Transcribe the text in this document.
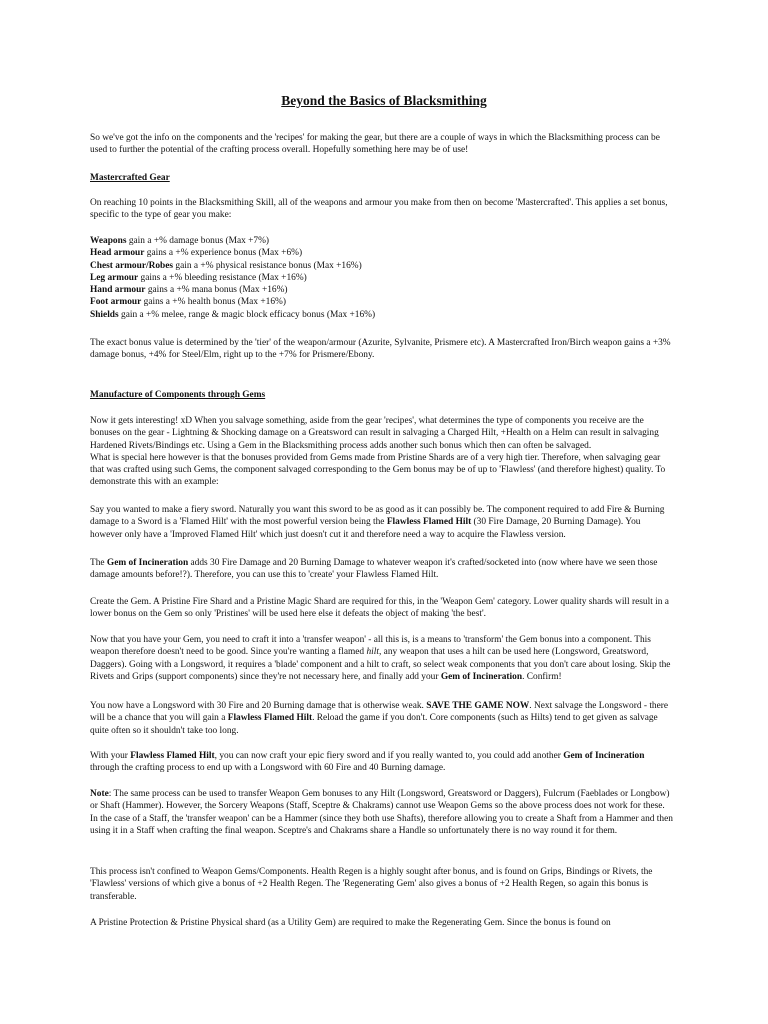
Beyond the Basics of Blacksmithing

So we've got the info on the components and the 'recipes' for making the gear, but there are a couple of ways in which the Blacksmithing process can be
used to further the potential of the crafting process overall. Hopefully something here may be of use!

Mastercrafted Gear

On reaching 10 points in the Blacksmithing Skill, all of the weapons and armour you make from then on become 'Mastercrafted'. This applies a set bonus,
specific to the type of gear you make:

Weapons gain a +% damage bonus (Max +7%)
Head armour gains a +% experience bonus (Max +6%)
Chest armour/Robes gain a +% physical resistance bonus (Max +16%)
Leg armour gains a +% bleeding resistance (Max +16%)
Hand armour gains a +% mana bonus (Max +16%)
Foot armour gains a +% health bonus (Max +16%)
Shields gain a +% melee, range & magic block efficacy bonus (Max +16%)

The exact bonus value is determined by the 'tier' of the weapon/armour (Azurite, Sylvanite, Prismere etc). A Mastercrafted Iron/Birch weapon gains a +3%
damage bonus, +4% for Steel/Elm, right up to the +7% for Prismere/Ebony.

Manufacture of Components through Gems

Now it gets interesting! xD When you salvage something, aside from the gear 'recipes', what determines the type of components you receive are the
bonuses on the gear - Lightning & Shocking damage on a Greatsword can result in salvaging a Charged Hilt, +Health on a Helm can result in salvaging
Hardened Rivets/Bindings etc. Using a Gem in the Blacksmithing process adds another such bonus which then can often be salvaged.
What is special here however is that the bonuses provided from Gems made from Pristine Shards are of a very high tier. Therefore, when salvaging gear
that was crafted using such Gems, the component salvaged corresponding to the Gem bonus may be of up to 'Flawless' (and therefore highest) quality. To
demonstrate this with an example:

Say you wanted to make a fiery sword. Naturally you want this sword to be as good as it can possibly be. The component required to add Fire & Burning
damage to a Sword is a 'Flamed Hilt' with the most powerful version being the Flawless Flamed Hilt (30 Fire Damage, 20 Burning Damage). You
however only have a 'Improved Flamed Hilt' which just doesn't cut it and therefore need a way to acquire the Flawless version.

The Gem of Incineration adds 30 Fire Damage and 20 Burning Damage to whatever weapon it's crafted/socketed into (now where have we seen those
damage amounts before!?). Therefore, you can use this to 'create' your Flawless Flamed Hilt.

Create the Gem. A Pristine Fire Shard and a Pristine Magic Shard are required for this, in the 'Weapon Gem' category. Lower quality shards will result in a
lower bonus on the Gem so only 'Pristines' will be used here else it defeats the object of making 'the best'.

Now that you have your Gem, you need to craft it into a 'transfer weapon' - all this is, is a means to 'transform' the Gem bonus into a component. This
weapon therefore doesn't need to be good. Since you're wanting a flamed hilt, any weapon that uses a hilt can be used here (Longsword, Greatsword,
Daggers). Going with a Longsword, it requires a 'blade' component and a hilt to craft, so select weak components that you don't care about losing. Skip the
Rivets and Grips (support components) since they're not necessary here, and finally add your Gem of Incineration. Confirm!

You now have a Longsword with 30 Fire and 20 Burning damage that is otherwise weak. SAVE THE GAME NOW. Next salvage the Longsword - there
will be a chance that you will gain a Flawless Flamed Hilt. Reload the game if you don't. Core components (such as Hilts) tend to get given as salvage
quite often so it shouldn't take too long.

With your Flawless Flamed Hilt, you can now craft your epic fiery sword and if you really wanted to, you could add another Gem of Incineration
through the crafting process to end up with a Longsword with 60 Fire and 40 Burning damage.

Note: The same process can be used to transfer Weapon Gem bonuses to any Hilt (Longsword, Greatsword or Daggers), Fulcrum (Faeblades or Longbow)
or Shaft (Hammer). However, the Sorcery Weapons (Staff, Sceptre & Chakrams) cannot use Weapon Gems so the above process does not work for these.
In the case of a Staff, the 'transfer weapon' can be a Hammer (since they both use Shafts), therefore allowing you to create a Shaft from a Hammer and then
using it in a Staff when crafting the final weapon. Sceptre's and Chakrams share a Handle so unfortunately there is no way round it for them.

This process isn't confined to Weapon Gems/Components. Health Regen is a highly sought after bonus, and is found on Grips, Bindings or Rivets, the
'Flawless' versions of which give a bonus of +2 Health Regen. The 'Regenerating Gem' also gives a bonus of +2 Health Regen, so again this bonus is
transferable.

A Pristine Protection & Pristine Physical shard (as a Utility Gem) are required to make the Regenerating Gem. Since the bonus is found on
